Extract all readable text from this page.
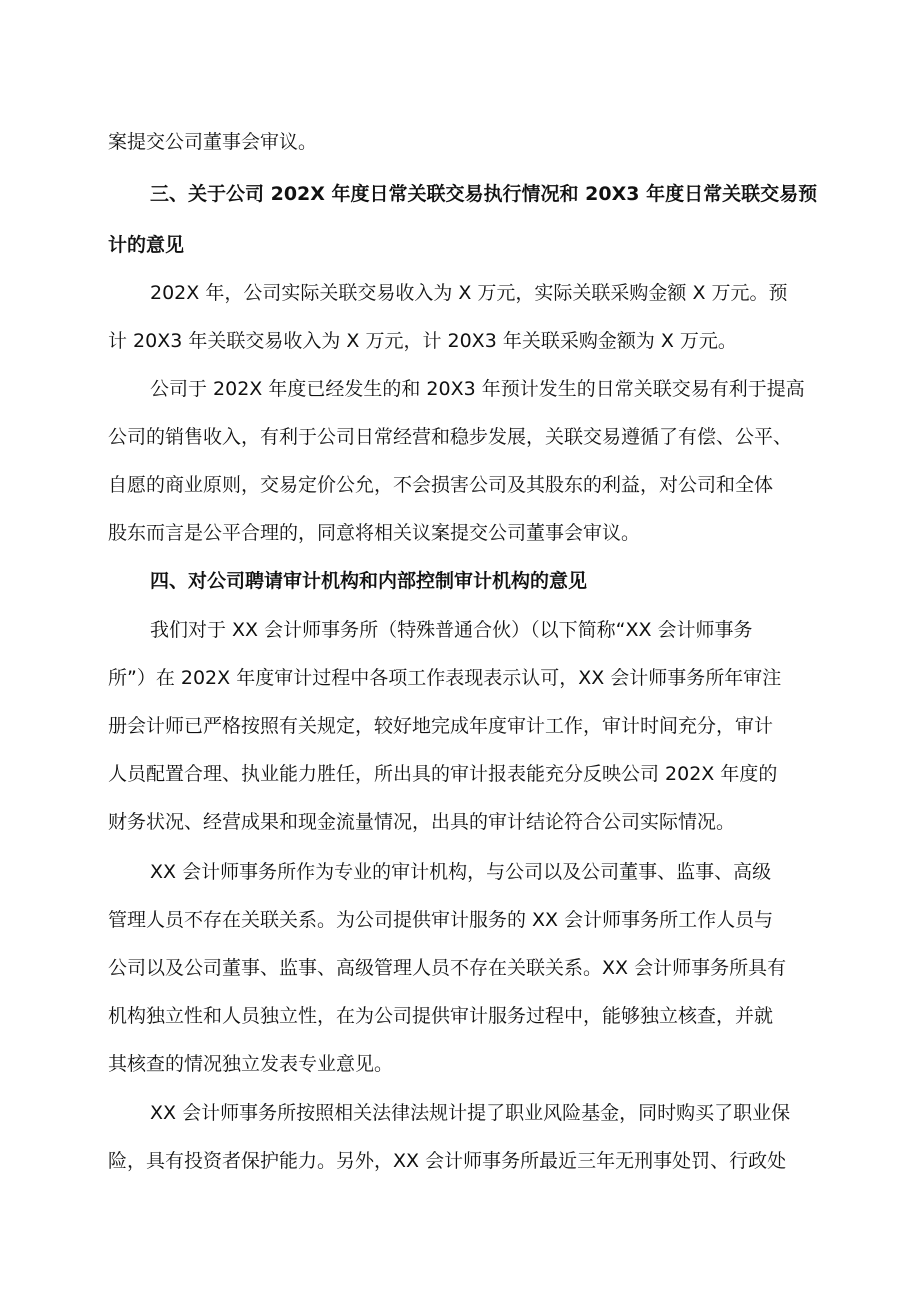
案提交公司董事会审议。
三、关于公司 202X 年度日常关联交易执行情况和 20X3 年度日常关联交易预
计的意见
202X 年，公司实际关联交易收入为 X 万元，实际关联采购金额 X 万元。预
计 20X3 年关联交易收入为 X 万元，计 20X3 年关联采购金额为 X 万元。
公司于 202X 年度已经发生的和 20X3 年预计发生的日常关联交易有利于提高
公司的销售收入，有利于公司日常经营和稳步发展，关联交易遵循了有偿、公平、
自愿的商业原则，交易定价公允，不会损害公司及其股东的利益，对公司和全体
股东而言是公平合理的，同意将相关议案提交公司董事会审议。
四、对公司聘请审计机构和内部控制审计机构的意见
我们对于 XX 会计师事务所（特殊普通合伙）（以下简称“XX 会计师事务
所”）在 202X 年度审计过程中各项工作表现表示认可，XX 会计师事务所年审注
册会计师已严格按照有关规定，较好地完成年度审计工作，审计时间充分，审计
人员配置合理、执业能力胜任，所出具的审计报表能充分反映公司 202X 年度的
财务状况、经营成果和现金流量情况，出具的审计结论符合公司实际情况。
XX 会计师事务所作为专业的审计机构，与公司以及公司董事、监事、高级
管理人员不存在关联关系。为公司提供审计服务的 XX 会计师事务所工作人员与
公司以及公司董事、监事、高级管理人员不存在关联关系。XX 会计师事务所具有
机构独立性和人员独立性，在为公司提供审计服务过程中，能够独立核查，并就
其核查的情况独立发表专业意见。
XX 会计师事务所按照相关法律法规计提了职业风险基金，同时购买了职业保
险，具有投资者保护能力。另外，XX 会计师事务所最近三年无刑事处罚、行政处
